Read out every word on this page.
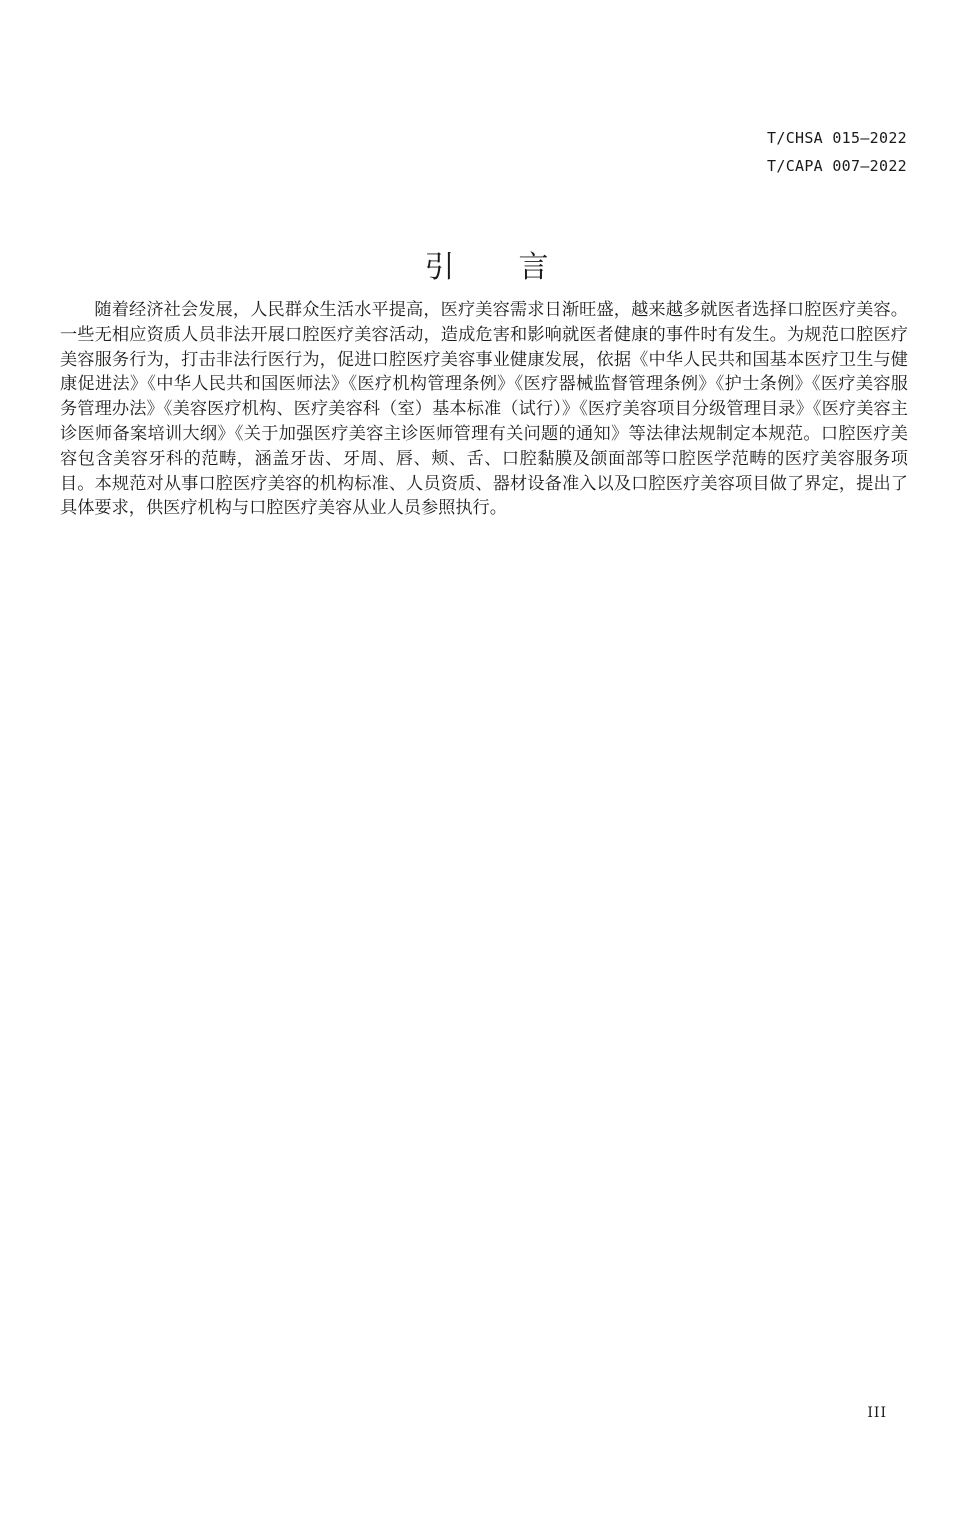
T/CHSA 015—2022
T/CAPA 007—2022
引言

随着经济社会发展，人民群众生活水平提高，医疗美容需求日渐旺盛，越来越多就医者选择口腔医疗美容。一些无相应资质人员非法开展口腔医疗美容活动，造成危害和影响就医者健康的事件时有发生。为规范口腔医疗美容服务行为，打击非法行医行为，促进口腔医疗美容事业健康发展，依据《中华人民共和国基本医疗卫生与健康促进法》《中华人民共和国医师法》《医疗机构管理条例》《医疗器械监督管理条例》《护士条例》《医疗美容服务管理办法》《美容医疗机构、医疗美容科（室）基本标准（试行）》《医疗美容项目分级管理目录》《医疗美容主诊医师备案培训大纲》《关于加强医疗美容主诊医师管理有关问题的通知》等法律法规制定本规范。口腔医疗美容包含美容牙科的范畴，涵盖牙齿、牙周、唇、颊、舌、口腔黏膜及颌面部等口腔医学范畴的医疗美容服务项目。本规范对从事口腔医疗美容的机构标准、人员资质、器材设备准入以及口腔医疗美容项目做了界定，提出了具体要求，供医疗机构与口腔医疗美容从业人员参照执行。

III
